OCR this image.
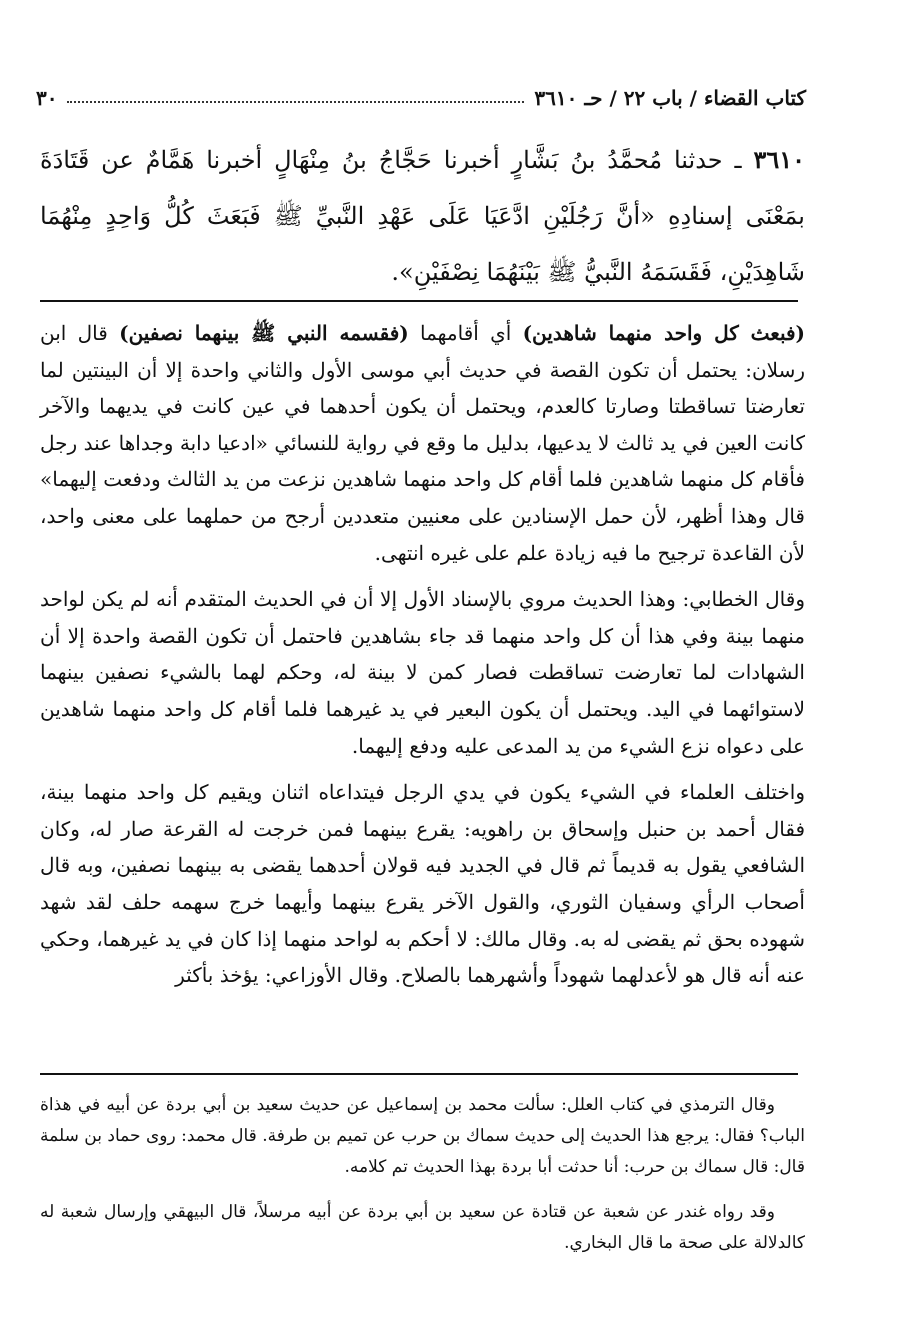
٣٠	كتاب القضاء / باب ٢٢ / حـ ٣٦١٠
٣٦١٠ ـ حدثنا مُحمَّدُ بنُ بَشَّارٍ أخبرنا حَجَّاجُ بنُ مِنْهَالٍ أخبرنا هَمَّامٌ عن قَتَادَةَ بمَعْنَى إسنادِهِ «أنَّ رَجُلَيْنِ ادَّعَيَا عَلَى عَهْدِ النَّبيِّ ﷺ فَبَعَثَ كُلُّ وَاحِدٍ مِنْهُمَا شَاهِدَيْنِ، فَقَسَمَهُ النَّبيُّ ﷺ بَيْنَهُمَا نِصْفَيْنِ».

(فبعث كل واحد منهما شاهدين) أي أقامهما (فقسمه النبي ﷺ بينهما نصفين) قال ابن رسلان: يحتمل أن تكون القصة في حديث أبي موسى الأول والثاني واحدة إلا أن البينتين لما تعارضتا تساقطتا وصارتا كالعدم، ويحتمل أن يكون أحدهما في عين كانت في يديهما والآخر كانت العين في يد ثالث لا يدعيها، بدليل ما وقع في رواية للنسائي «ادعيا دابة وجداها عند رجل فأقام كل منهما شاهدين فلما أقام كل واحد منهما شاهدين نزعت من يد الثالث ودفعت إليهما» قال وهذا أظهر، لأن حمل الإسنادين على معنيين متعددين أرجح من حملهما على معنى واحد، لأن القاعدة ترجيح ما فيه زيادة علم على غيره انتهى.

وقال الخطابي: وهذا الحديث مروي بالإسناد الأول إلا أن في الحديث المتقدم أنه لم يكن لواحد منهما بينة وفي هذا أن كل واحد منهما قد جاء بشاهدين فاحتمل أن تكون القصة واحدة إلا أن الشهادات لما تعارضت تساقطت فصار كمن لا بينة له، وحكم لهما بالشيء نصفين بينهما لاستوائهما في اليد. ويحتمل أن يكون البعير في يد غيرهما فلما أقام كل واحد منهما شاهدين على دعواه نزع الشيء من يد المدعى عليه ودفع إليهما.

واختلف العلماء في الشيء يكون في يدي الرجل فيتداعاه اثنان ويقيم كل واحد منهما بينة، فقال أحمد بن حنبل وإسحاق بن راهويه: يقرع بينهما فمن خرجت له القرعة صار له، وكان الشافعي يقول به قديماً ثم قال في الجديد فيه قولان أحدهما يقضى به بينهما نصفين، وبه قال أصحاب الرأي وسفيان الثوري، والقول الآخر يقرع بينهما وأيهما خرج سهمه حلف لقد شهد شهوده بحق ثم يقضى له به. وقال مالك: لا أحكم به لواحد منهما إذا كان في يد غيرهما، وحكي عنه أنه قال هو لأعدلهما شهوداً وأشهرهما بالصلاح. وقال الأوزاعي: يؤخذ بأكثر

وقال الترمذي في كتاب العلل: سألت محمد بن إسماعيل عن حديث سعيد بن أبي بردة عن أبيه في هذاة الباب؟ فقال: يرجع هذا الحديث إلى حديث سماك بن حرب عن تميم بن طرفة. قال محمد: روى حماد بن سلمة قال: قال سماك بن حرب: أنا حدثت أبا بردة بهذا الحديث تم كلامه.

وقد رواه غندر عن شعبة عن قتادة عن سعيد بن أبي بردة عن أبيه مرسلاً، قال البيهقي وإرسال شعبة له كالدلالة على صحة ما قال البخاري.
